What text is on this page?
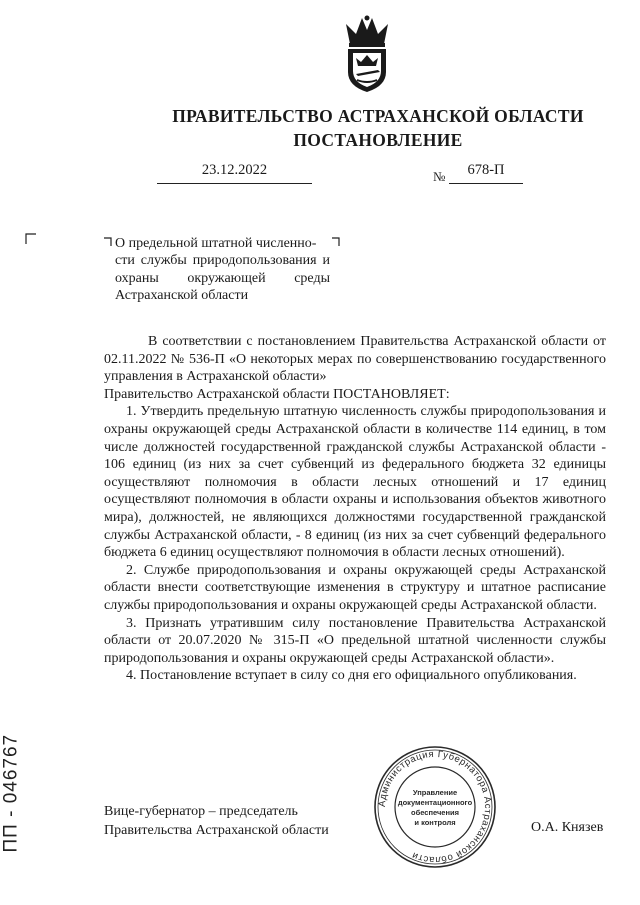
ПРАВИТЕЛЬСТВО АСТРАХАНСКОЙ ОБЛАСТИ
ПОСТАНОВЛЕНИЕ
23.12.2022	№	678-П
О предельной штатной численно-
сти службы природопользования и охраны окружающей среды Астраханской области

В соответствии с постановлением Правительства Астраханской области от 02.11.2022 № 536-П «О некоторых мерах по совершенствованию государственного управления в Астраханской области»

Правительство Астраханской области ПОСТАНОВЛЯЕТ:

1. Утвердить предельную штатную численность службы природопользования и охраны окружающей среды Астраханской области в количестве 114 единиц, в том числе должностей государственной гражданской службы Астраханской области - 106 единиц (из них за счет субвенций из федерального бюджета 32 единицы осуществляют полномочия в области лесных отношений и 17 единиц осуществляют полномочия в области охраны и использования объектов животного мира), должностей, не являющихся должностями государственной гражданской службы Астраханской области, - 8 единиц (из них за счет субвенций федерального бюджета 6 единиц осуществляют полномочия в области лесных отношений).

2. Службе природопользования и охраны окружающей среды Астраханской области внести соответствующие изменения в структуру и штатное расписание службы природопользования и охраны окружающей среды Астраханской области.

3. Признать утратившим силу постановление Правительства Астраханской области от 20.07.2020 № 315-П «О предельной штатной численности службы природопользования и охраны окружающей среды Астраханской области».

4. Постановление вступает в силу со дня его официального опубликования.

ПП - 046767	Вице-губернатор – председатель
Правительства Астраханской области	О.А. Князев
Администрация Губернатора Астраханской области
Управление
документационного
обеспечения
и контроля
